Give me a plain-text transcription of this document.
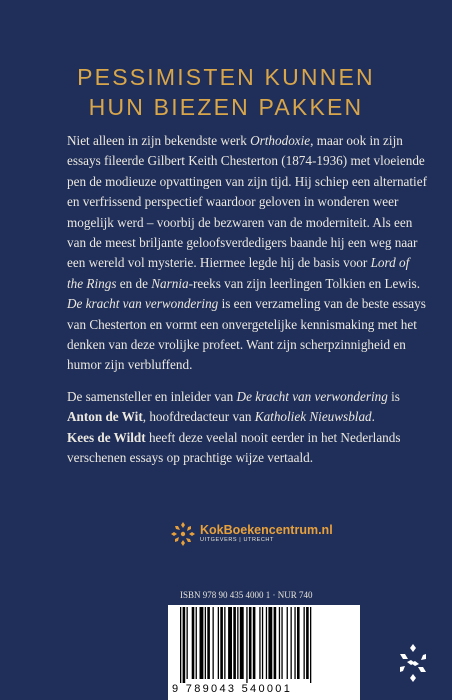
PESSIMISTEN KUNNEN
HUN BIEZEN PAKKEN

Niet alleen in zijn bekendste werk Orthodoxie, maar ook in zijn essays fileerde Gilbert Keith Chesterton (1874-1936) met vloeiende pen de modieuze opvattingen van zijn tijd. Hij schiep een alternatief en verfrissend perspectief waardoor geloven in wonderen weer mogelijk werd – voorbij de bezwaren van de moderniteit. Als een van de meest briljante geloofsverdedigers baande hij een weg naar een wereld vol mysterie. Hiermee legde hij de basis voor Lord of the Rings en de Narnia-reeks van zijn leerlingen Tolkien en Lewis.

De kracht van verwondering is een verzameling van de beste essays van Chesterton en vormt een onvergetelijke kennismaking met het denken van deze vrolijke profeet. Want zijn scherpzinnigheid en humor zijn verbluffend.

De samensteller en inleider van De kracht van verwondering is Anton de Wit, hoofdredacteur van Katholiek Nieuwsblad.
Kees de Wildt heeft deze veelal nooit eerder in het Nederlands verschenen essays op prachtige wijze vertaald.

KokBoekencentrum.nl
UITGEVERS | UTRECHT
ISBN 978 90 435 4000 1 · NUR 740
9 789043 540001
